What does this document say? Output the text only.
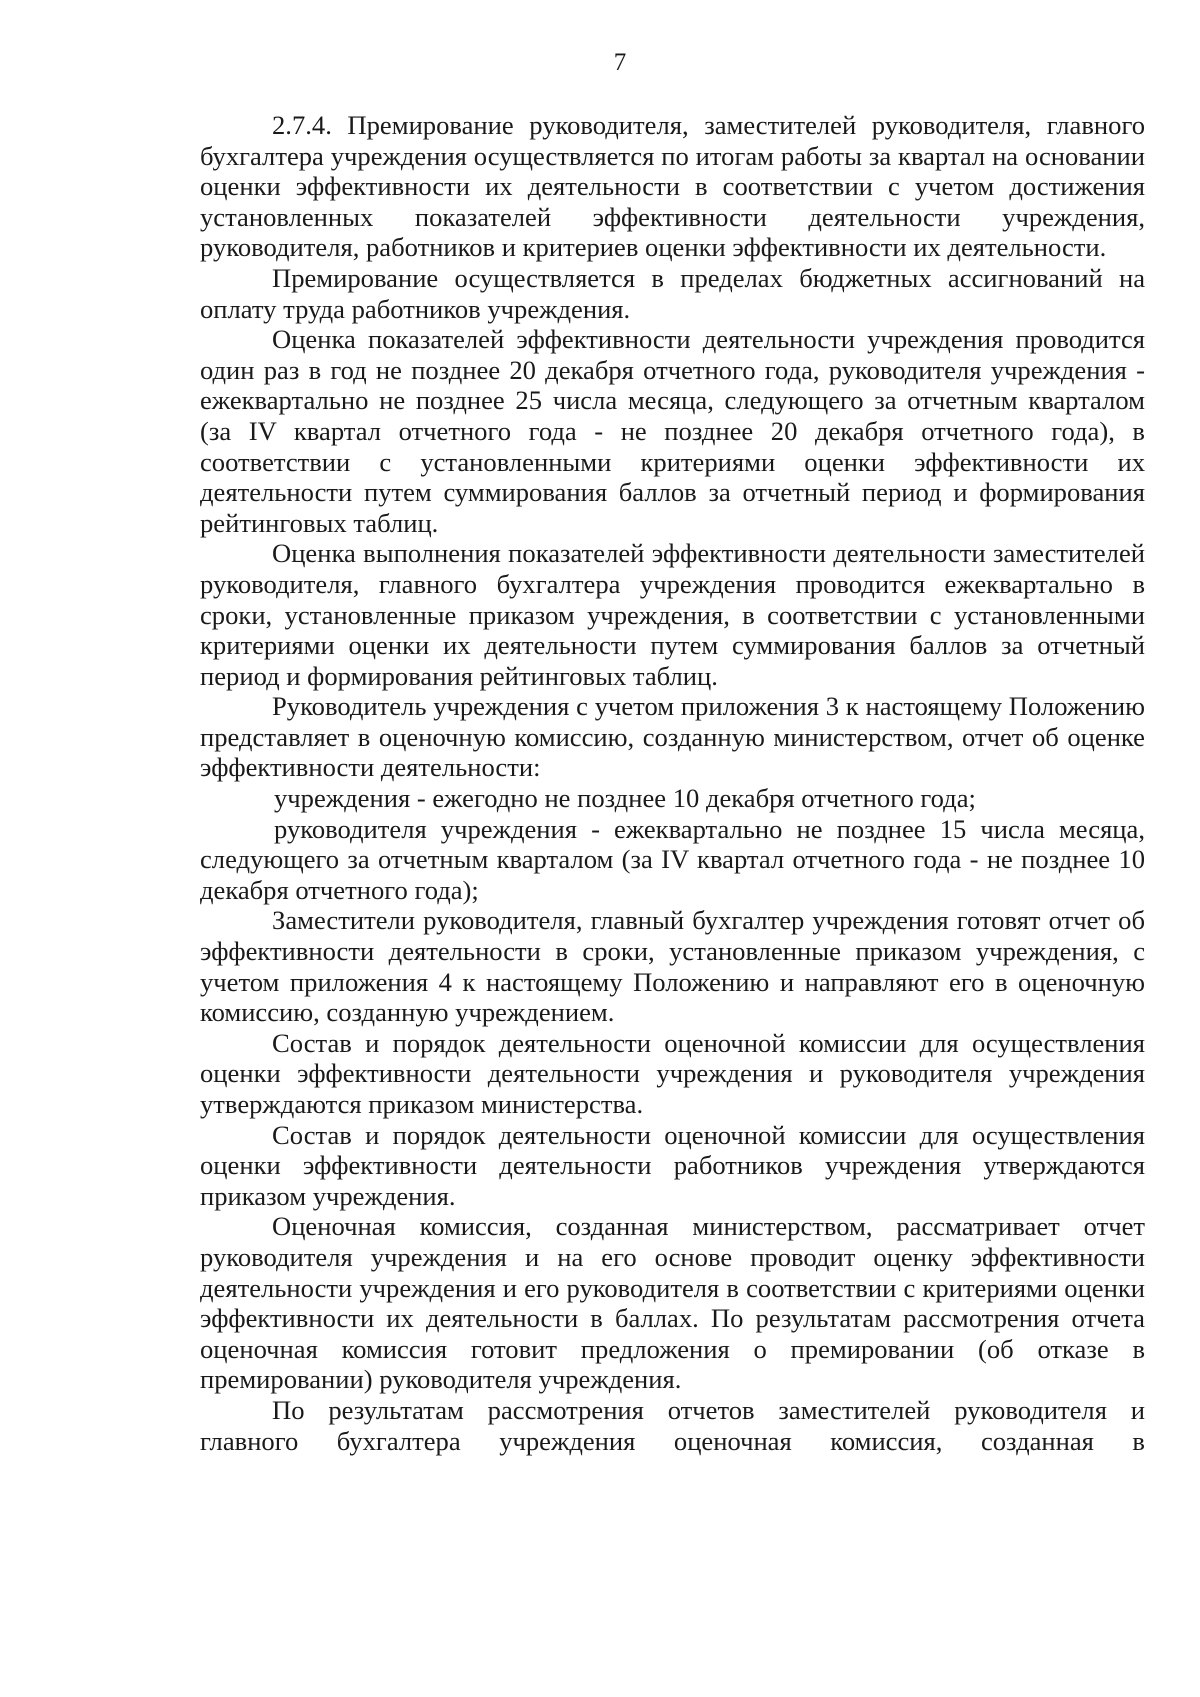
7

2.7.4. Премирование руководителя, заместителей руководителя, главного бухгалтера учреждения осуществляется по итогам работы за квартал на основании оценки эффективности их деятельности в соответствии с учетом достижения установленных показателей эффективности деятельности учреждения, руководителя, работников и критериев оценки эффективности их деятельности.

Премирование осуществляется в пределах бюджетных ассигнований на оплату труда работников учреждения.

Оценка показателей эффективности деятельности учреждения проводится один раз в год не позднее 20 декабря отчетного года, руководителя учреждения - ежеквартально не позднее 25 числа месяца, следующего за отчетным кварталом (за IV квартал отчетного года - не позднее 20 декабря отчетного года), в соответствии с установленными критериями оценки эффективности их деятельности путем суммирования баллов за отчетный период и формирования рейтинговых таблиц.

Оценка выполнения показателей эффективности деятельности заместителей руководителя, главного бухгалтера учреждения проводится ежеквартально в сроки, установленные приказом учреждения, в соответствии с установленными критериями оценки их деятельности путем суммирования баллов за отчетный период и формирования рейтинговых таблиц.

Руководитель учреждения с учетом приложения 3 к настоящему Положению представляет в оценочную комиссию, созданную министерством, отчет об оценке эффективности деятельности:

учреждения - ежегодно не позднее 10 декабря отчетного года;

руководителя учреждения - ежеквартально не позднее 15 числа месяца, следующего за отчетным кварталом (за IV квартал отчетного года - не позднее 10 декабря отчетного года);

Заместители руководителя, главный бухгалтер учреждения готовят отчет об эффективности деятельности в сроки, установленные приказом учреждения, с учетом приложения 4 к настоящему Положению и направляют его в оценочную комиссию, созданную учреждением.

Состав и порядок деятельности оценочной комиссии для осуществления оценки эффективности деятельности учреждения и руководителя учреждения утверждаются приказом министерства.

Состав и порядок деятельности оценочной комиссии для осуществления оценки эффективности деятельности работников учреждения утверждаются приказом учреждения.

Оценочная комиссия, созданная министерством, рассматривает отчет руководителя учреждения и на его основе проводит оценку эффективности деятельности учреждения и его руководителя в соответствии с критериями оценки эффективности их деятельности в баллах. По результатам рассмотрения отчета оценочная комиссия готовит предложения о премировании (об отказе в премировании) руководителя учреждения.

По результатам рассмотрения отчетов заместителей руководителя и главного бухгалтера учреждения оценочная комиссия, созданная в
